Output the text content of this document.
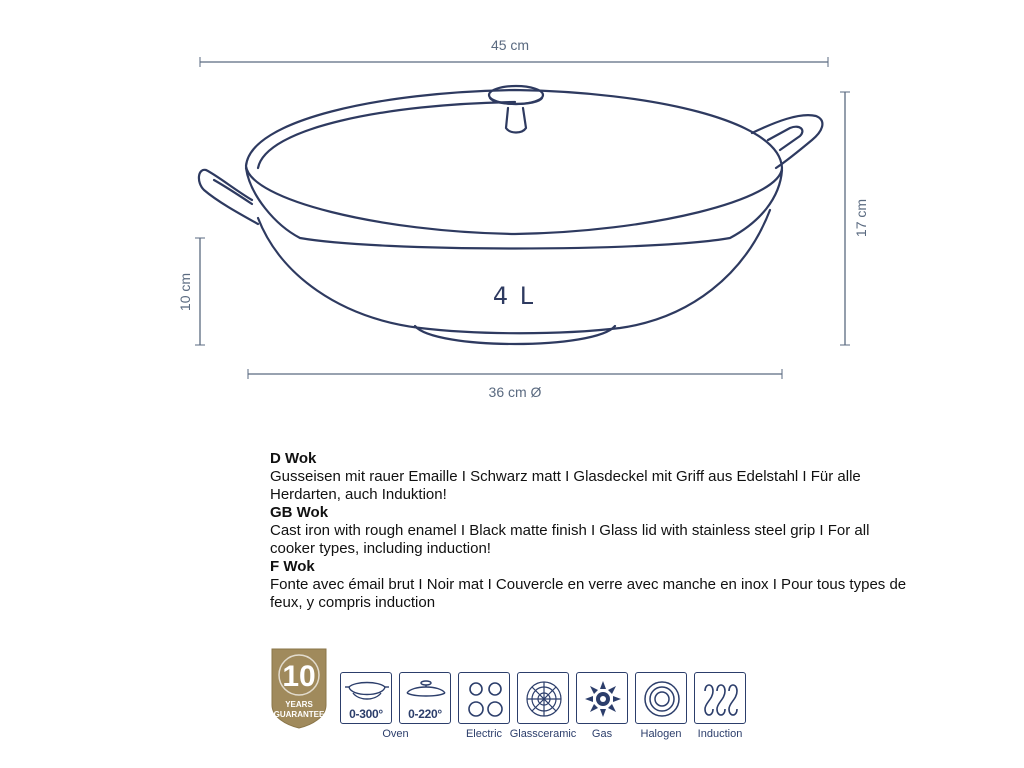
45 cm
17 cm
10 cm
36 cm Ø
4 L
D Wok
Gusseisen mit rauer Emaille I Schwarz matt I Glasdeckel mit Griff aus Edelstahl I Für alle Herdarten, auch Induktion!
GB Wok
Cast iron with rough enamel I Black matte finish I Glass lid with stainless steel grip I For all cooker types, including induction!
F Wok
Fonte avec émail brut I Noir mat I Couvercle en verre avec manche en inox I Pour tous types de feux, y compris induction
10
YEARS
GUARANTEE	0-300°	0-220°
Oven	Electric Glassceramic	Gas	Halogen	Induction
